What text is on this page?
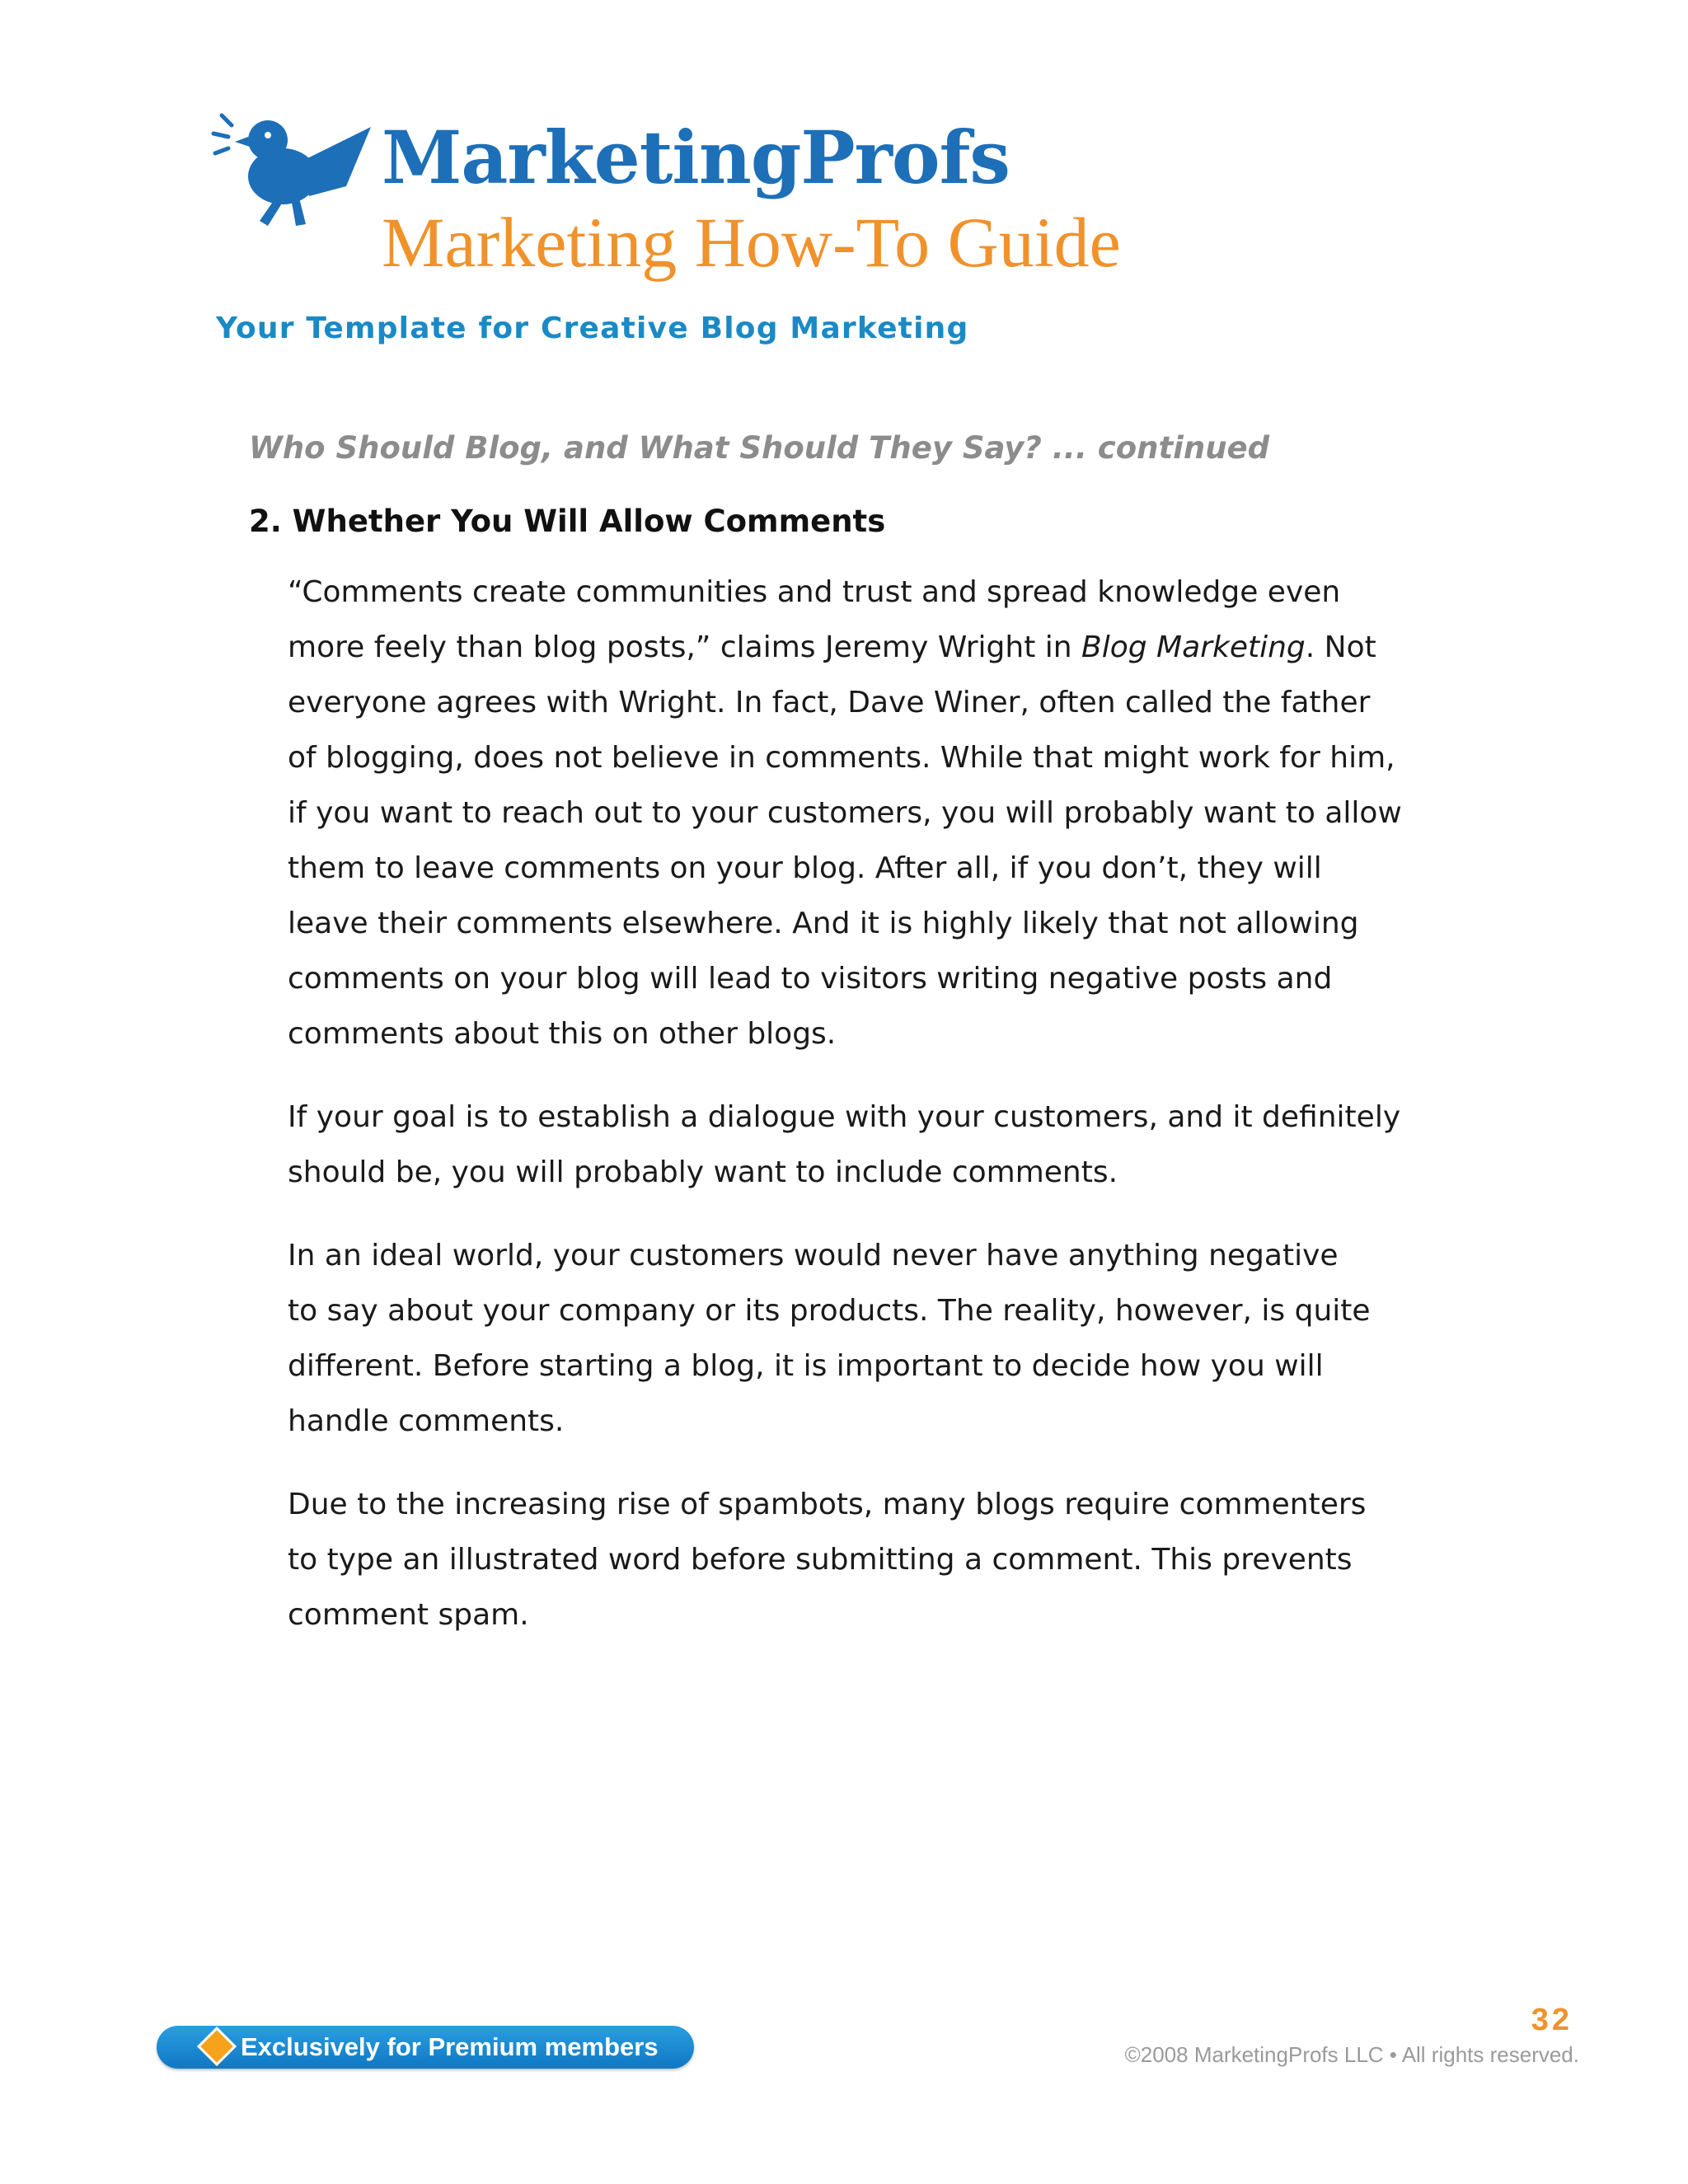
MarketingProfs
Marketing How-To Guide
Your Template for Creative Blog Marketing
Who Should Blog, and What Should They Say? ... continued
2. Whether You Will Allow Comments

“Comments create communities and trust and spread knowledge even
more feely than blog posts,” claims Jeremy Wright in Blog Marketing. Not
everyone agrees with Wright. In fact, Dave Winer, often called the father
of blogging, does not believe in comments. While that might work for him,
if you want to reach out to your customers, you will probably want to allow
them to leave comments on your blog. After all, if you don’t, they will
leave their comments elsewhere. And it is highly likely that not allowing
comments on your blog will lead to visitors writing negative posts and
comments about this on other blogs.

If your goal is to establish a dialogue with your customers, and it definitely
should be, you will probably want to include comments.

In an ideal world, your customers would never have anything negative
to say about your company or its products. The reality, however, is quite
different. Before starting a blog, it is important to decide how you will
handle comments.

Due to the increasing rise of spambots, many blogs require commenters
to type an illustrated word before submitting a comment. This prevents
comment spam.

Exclusively for Premium members
32
©2008 MarketingProfs LLC • All rights reserved.
